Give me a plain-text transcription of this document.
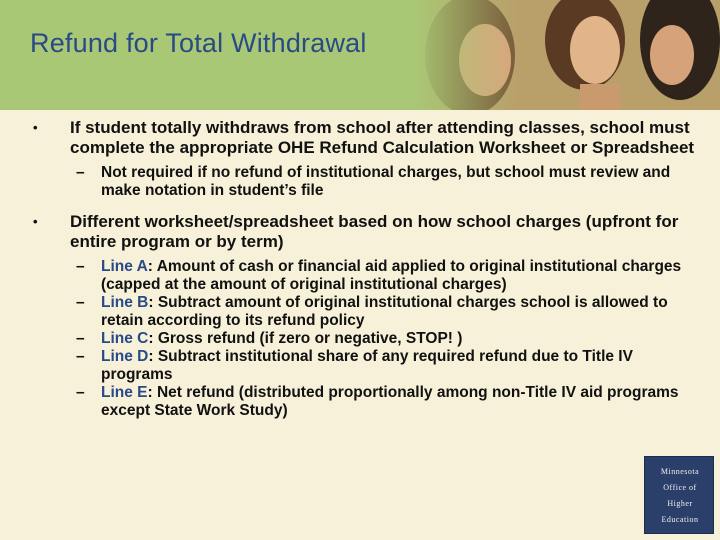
Refund for Total Withdrawal
• If student totally withdraws from school after attending classes, school must complete the appropriate OHE Refund Calculation Worksheet or Spreadsheet
– Not required if no refund of institutional charges, but school must review and make notation in student’s file
• Different worksheet/spreadsheet based on how school charges (upfront for entire program or by term)
– Line A: Amount of cash or financial aid applied to original institutional charges (capped at the amount of original institutional charges)
– Line B: Subtract amount of original institutional charges school is allowed to retain according to its refund policy
– Line C: Gross refund (if zero or negative, STOP! )
– Line D: Subtract institutional share of any required refund due to Title IV programs
– Line E: Net refund (distributed proportionally among non-Title IV aid programs except State Work Study)
Minnesota
Office of
Higher
Education
